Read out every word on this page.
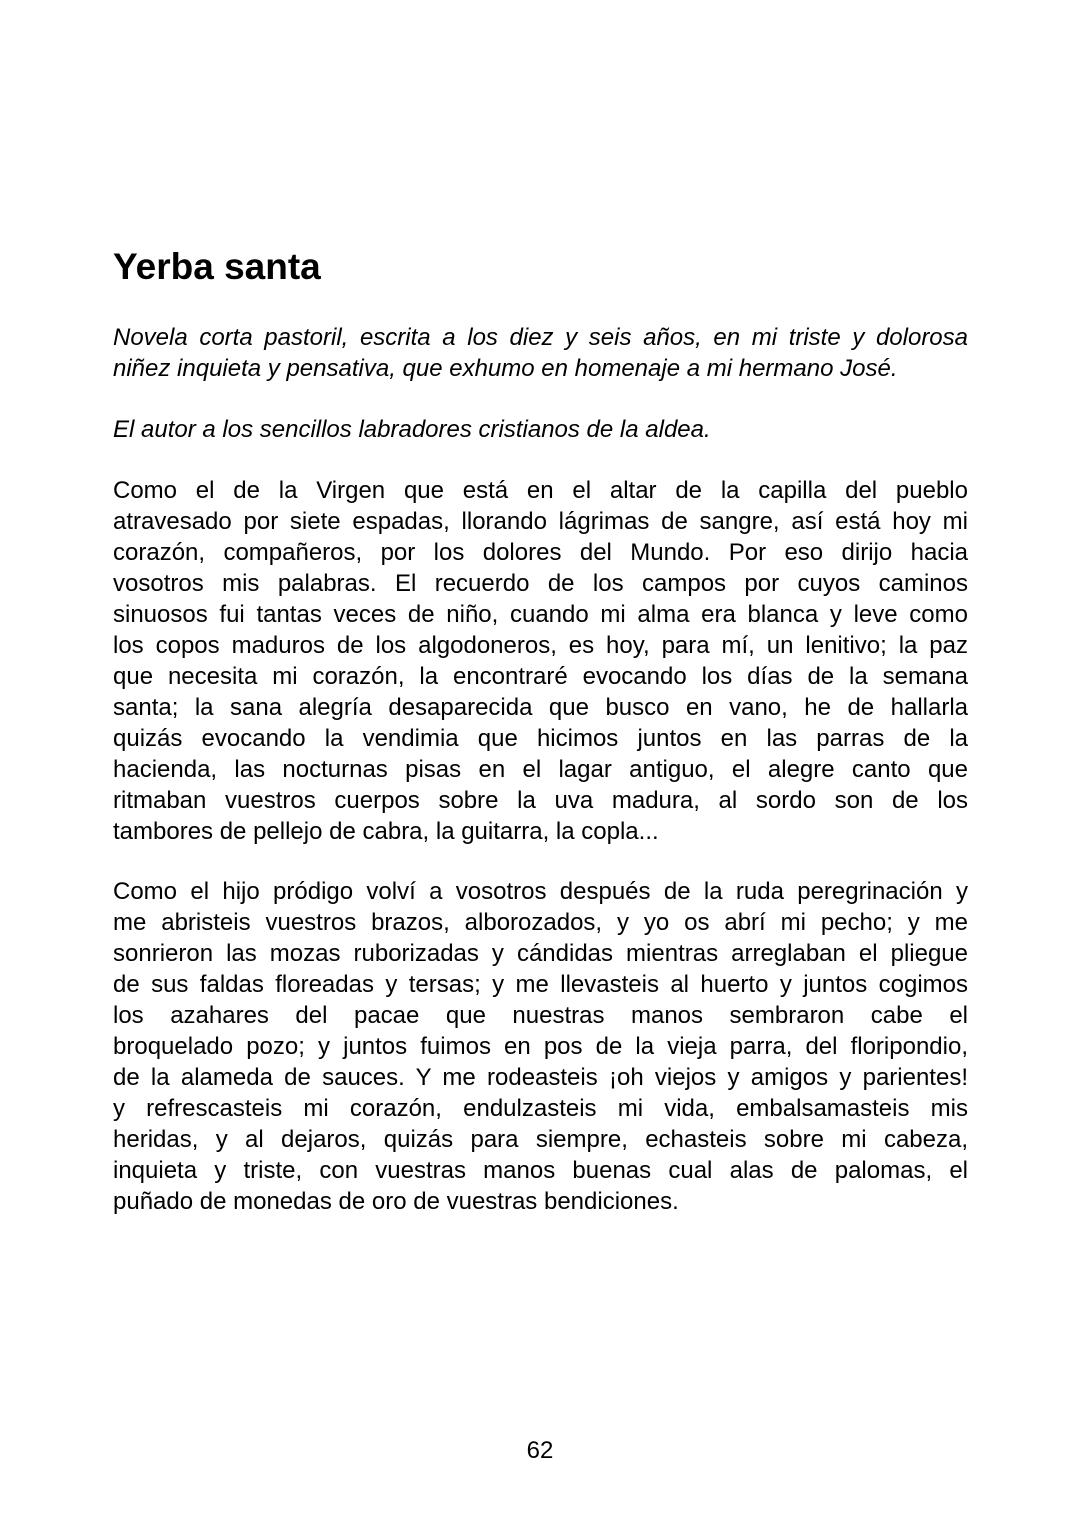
Yerba santa
Novela corta pastoril, escrita a los diez y seis años, en mi triste y dolorosa
niñez inquieta y pensativa, que exhumo en homenaje a mi hermano José.
El autor a los sencillos labradores cristianos de la aldea.
Como el de la Virgen que está en el altar de la capilla del pueblo
atravesado por siete espadas, llorando lágrimas de sangre, así está hoy mi
corazón, compañeros, por los dolores del Mundo. Por eso dirijo hacia
vosotros mis palabras. El recuerdo de los campos por cuyos caminos
sinuosos fui tantas veces de niño, cuando mi alma era blanca y leve como
los copos maduros de los algodoneros, es hoy, para mí, un lenitivo; la paz
que necesita mi corazón, la encontraré evocando los días de la semana
santa; la sana alegría desaparecida que busco en vano, he de hallarla
quizás evocando la vendimia que hicimos juntos en las parras de la
hacienda, las nocturnas pisas en el lagar antiguo, el alegre canto que
ritmaban vuestros cuerpos sobre la uva madura, al sordo son de los
tambores de pellejo de cabra, la guitarra, la copla...
Como el hijo pródigo volví a vosotros después de la ruda peregrinación y
me abristeis vuestros brazos, alborozados, y yo os abrí mi pecho; y me
sonrieron las mozas ruborizadas y cándidas mientras arreglaban el pliegue
de sus faldas floreadas y tersas; y me llevasteis al huerto y juntos cogimos
los azahares del pacae que nuestras manos sembraron cabe el
broquelado pozo; y juntos fuimos en pos de la vieja parra, del floripondio,
de la alameda de sauces. Y me rodeasteis ¡oh viejos y amigos y parientes!
y refrescasteis mi corazón, endulzasteis mi vida, embalsamasteis mis
heridas, y al dejaros, quizás para siempre, echasteis sobre mi cabeza,
inquieta y triste, con vuestras manos buenas cual alas de palomas, el
puñado de monedas de oro de vuestras bendiciones.
62
